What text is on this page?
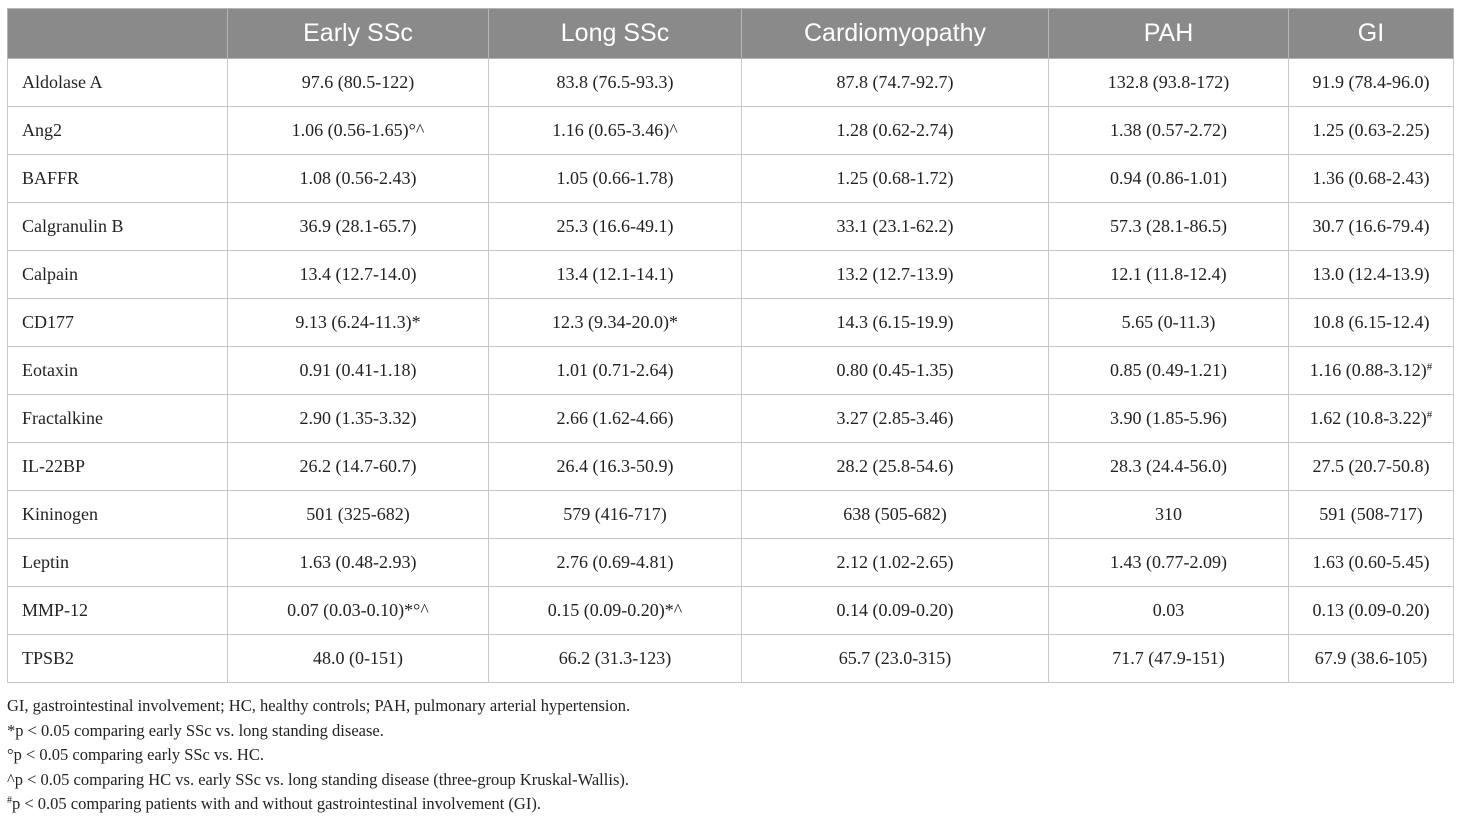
	Early SSc	Long SSc	Cardiomyopathy	PAH	GI
Aldolase A	97.6 (80.5-122)	83.8 (76.5-93.3)	87.8 (74.7-92.7)	132.8 (93.8-172)	91.9 (78.4-96.0)
Ang2	1.06 (0.56-1.65)°^	1.16 (0.65-3.46)^	1.28 (0.62-2.74)	1.38 (0.57-2.72)	1.25 (0.63-2.25)
BAFFR	1.08 (0.56-2.43)	1.05 (0.66-1.78)	1.25 (0.68-1.72)	0.94 (0.86-1.01)	1.36 (0.68-2.43)
Calgranulin B	36.9 (28.1-65.7)	25.3 (16.6-49.1)	33.1 (23.1-62.2)	57.3 (28.1-86.5)	30.7 (16.6-79.4)
Calpain	13.4 (12.7-14.0)	13.4 (12.1-14.1)	13.2 (12.7-13.9)	12.1 (11.8-12.4)	13.0 (12.4-13.9)
CD177	9.13 (6.24-11.3)*	12.3 (9.34-20.0)*	14.3 (6.15-19.9)	5.65 (0-11.3)	10.8 (6.15-12.4)
Eotaxin	0.91 (0.41-1.18)	1.01 (0.71-2.64)	0.80 (0.45-1.35)	0.85 (0.49-1.21)	1.16 (0.88-3.12)#
Fractalkine	2.90 (1.35-3.32)	2.66 (1.62-4.66)	3.27 (2.85-3.46)	3.90 (1.85-5.96)	1.62 (10.8-3.22)#
IL-22BP	26.2 (14.7-60.7)	26.4 (16.3-50.9)	28.2 (25.8-54.6)	28.3 (24.4-56.0)	27.5 (20.7-50.8)
Kininogen	501 (325-682)	579 (416-717)	638 (505-682)	310	591 (508-717)
Leptin	1.63 (0.48-2.93)	2.76 (0.69-4.81)	2.12 (1.02-2.65)	1.43 (0.77-2.09)	1.63 (0.60-5.45)
MMP-12	0.07 (0.03-0.10)*°^	0.15 (0.09-0.20)*^	0.14 (0.09-0.20)	0.03	0.13 (0.09-0.20)
TPSB2	48.0 (0-151)	66.2 (31.3-123)	65.7 (23.0-315)	71.7 (47.9-151)	67.9 (38.6-105)
GI, gastrointestinal involvement; HC, healthy controls; PAH, pulmonary arterial hypertension.
*p < 0.05 comparing early SSc vs. long standing disease.
°p < 0.05 comparing early SSc vs. HC.
^p < 0.05 comparing HC vs. early SSc vs. long standing disease (three-group Kruskal-Wallis).
#p < 0.05 comparing patients with and without gastrointestinal involvement (GI).
